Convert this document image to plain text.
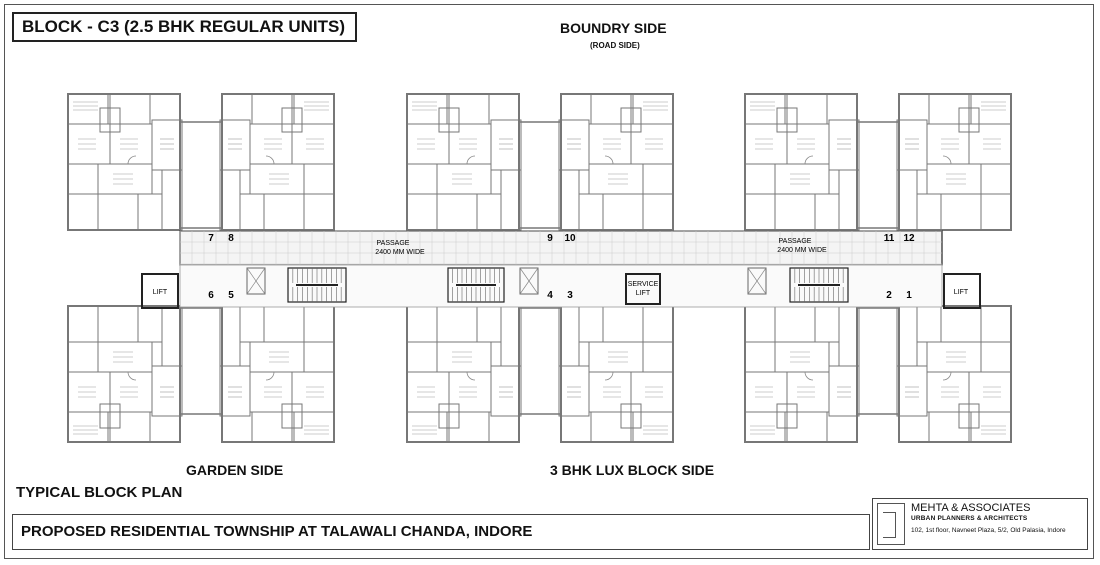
BLOCK - C3 (2.5 BHK REGULAR UNITS)	BOUNDRY SIDE
(ROAD SIDE)
GARDEN SIDE	3 BHK LUX BLOCK SIDE
PASSAGE
2400 MM WIDE
PASSAGE
2400 MM WIDE
LIFT	LIFT
SERVICE
LIFT
7 8	9 10	11 12
6 5	4 3	2 1
TYPICAL BLOCK PLAN
PROPOSED RESIDENTIAL TOWNSHIP AT TALAWALI CHANDA, INDORE
MEHTA & ASSOCIATES
URBAN PLANNERS & ARCHITECTS
102, 1st floor, Navneet Plaza, 5/2, Old Palasia, Indore
